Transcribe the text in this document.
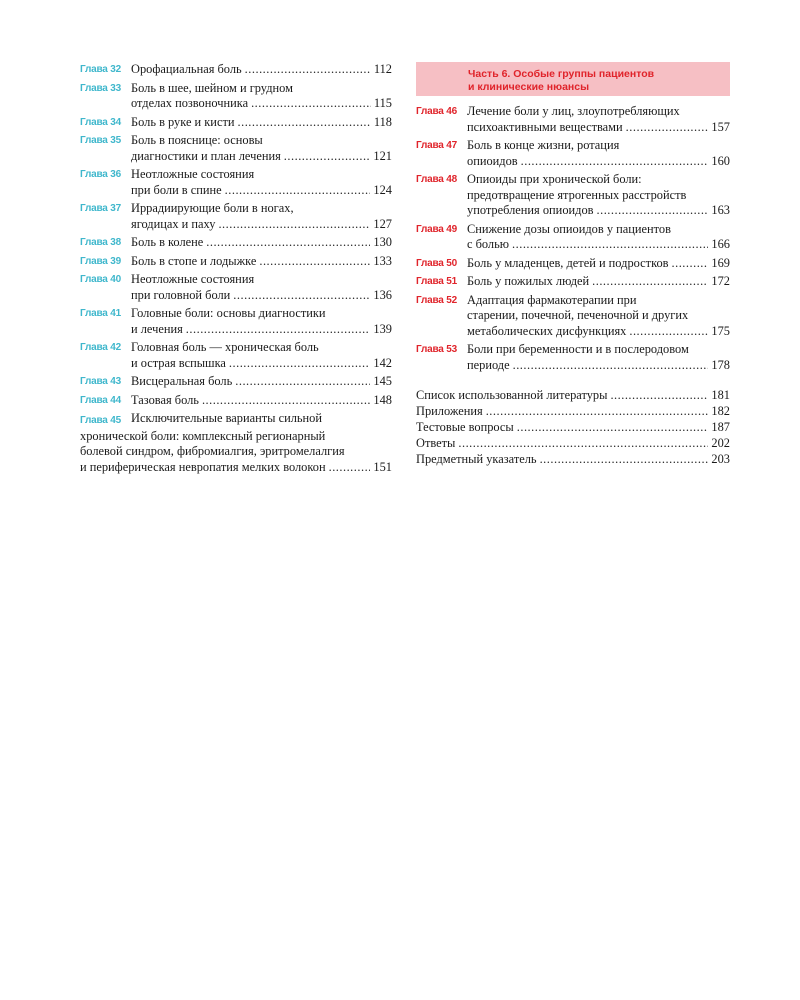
Глава 32 Орофациальная боль .....	112
Глава 33 Боль в шее, шейном и грудном
отделах позвоночника .....	115
Глава 34 Боль в руке и кисти .....	118
Глава 35 Боль в пояснице: основы
диагностики и план лечения .....	121
Глава 36 Неотложные состояния
при боли в спине .....	124
Глава 37 Иррадиирующие боли в ногах,
ягодицах и паху .....	127
Глава 38 Боль в колене .....	130
Глава 39 Боль в стопе и лодыжке .....	133
Глава 40 Неотложные состояния
при головной боли .....	136
Глава 41 Головные боли: основы диагностики
и лечения .....	139
Глава 42 Головная боль — хроническая боль
и острая вспышка .....	142
Глава 43 Висцеральная боль .....	145
Глава 44 Тазовая боль .....	148
Глава 45 Исключительные варианты сильной
хронической боли: комплексный регионарный
болевой синдром, фибромиалгия, эритромелалгия
и периферическая невропатия мелких волокон .....	151
Часть 6. Особые группы пациентов
и клинические нюансы
Глава 46 Лечение боли у лиц, злоупотребляющих
психоактивными веществами .....	157
Глава 47 Боль в конце жизни, ротация
опиоидов .....	160
Глава 48 Опиоиды при хронической боли:
предотвращение ятрогенных расстройств
употребления опиоидов .....	163
Глава 49 Снижение дозы опиоидов у пациентов
с болью .....	166
Глава 50 Боль у младенцев, детей и подростков .....	169
Глава 51 Боль у пожилых людей .....	172
Глава 52 Адаптация фармакотерапии при
старении, почечной, печеночной и других
метаболических дисфункциях .....	175
Глава 53 Боли при беременности и в послеродовом
периоде .....	178
Список использованной литературы .....	181
Приложения .....	182
Тестовые вопросы .....	187
Ответы .....	202
Предметный указатель .....	203
